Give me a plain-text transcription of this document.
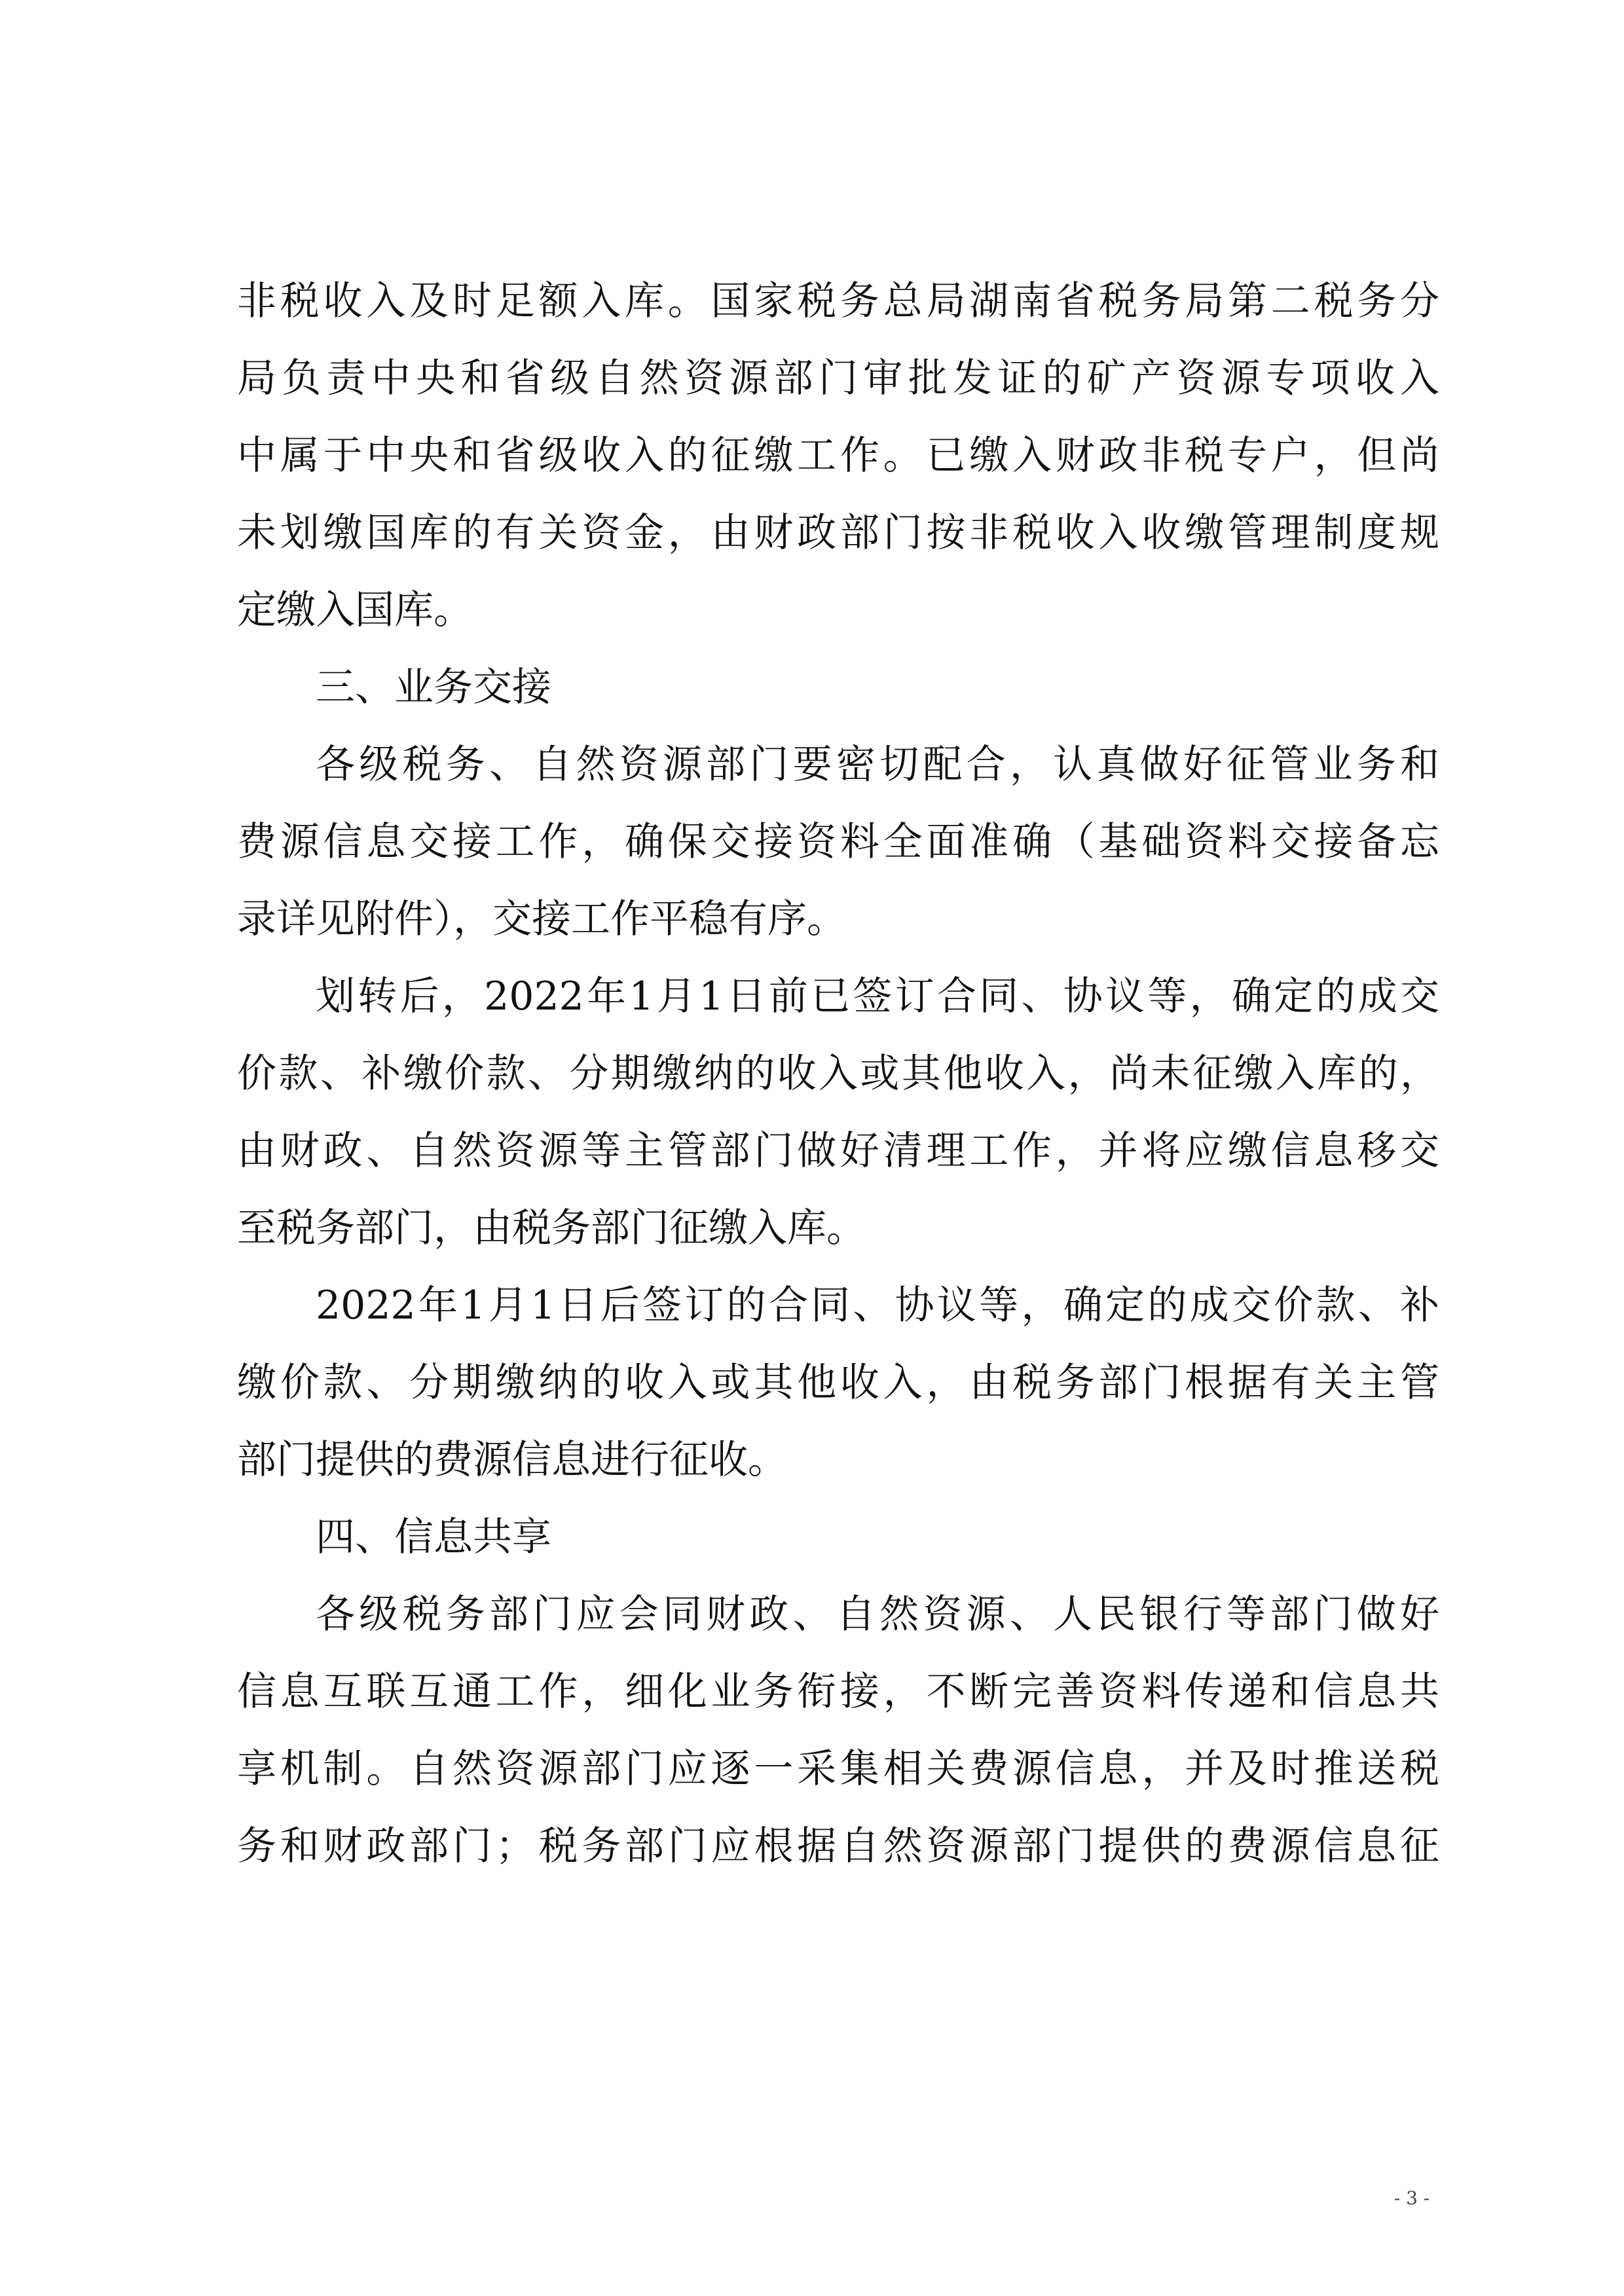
非税收入及时足额入库。国家税务总局湖南省税务局第二税务分
局负责中央和省级自然资源部门审批发证的矿产资源专项收入
中属于中央和省级收入的征缴工作。已缴入财政非税专户，但尚
未划缴国库的有关资金，由财政部门按非税收入收缴管理制度规
定缴入国库。
三、业务交接
各级税务、自然资源部门要密切配合，认真做好征管业务和
费源信息交接工作，确保交接资料全面准确（基础资料交接备忘
录详见附件），交接工作平稳有序。
划转后，2022年1月1日前已签订合同、协议等，确定的成交
价款、补缴价款、分期缴纳的收入或其他收入，尚未征缴入库的，
由财政、自然资源等主管部门做好清理工作，并将应缴信息移交
至税务部门，由税务部门征缴入库。
2022年1月1日后签订的合同、协议等，确定的成交价款、补
缴价款、分期缴纳的收入或其他收入，由税务部门根据有关主管
部门提供的费源信息进行征收。
四、信息共享
各级税务部门应会同财政、自然资源、人民银行等部门做好
信息互联互通工作，细化业务衔接，不断完善资料传递和信息共
享机制。自然资源部门应逐一采集相关费源信息，并及时推送税
务和财政部门；税务部门应根据自然资源部门提供的费源信息征
- 3 -
